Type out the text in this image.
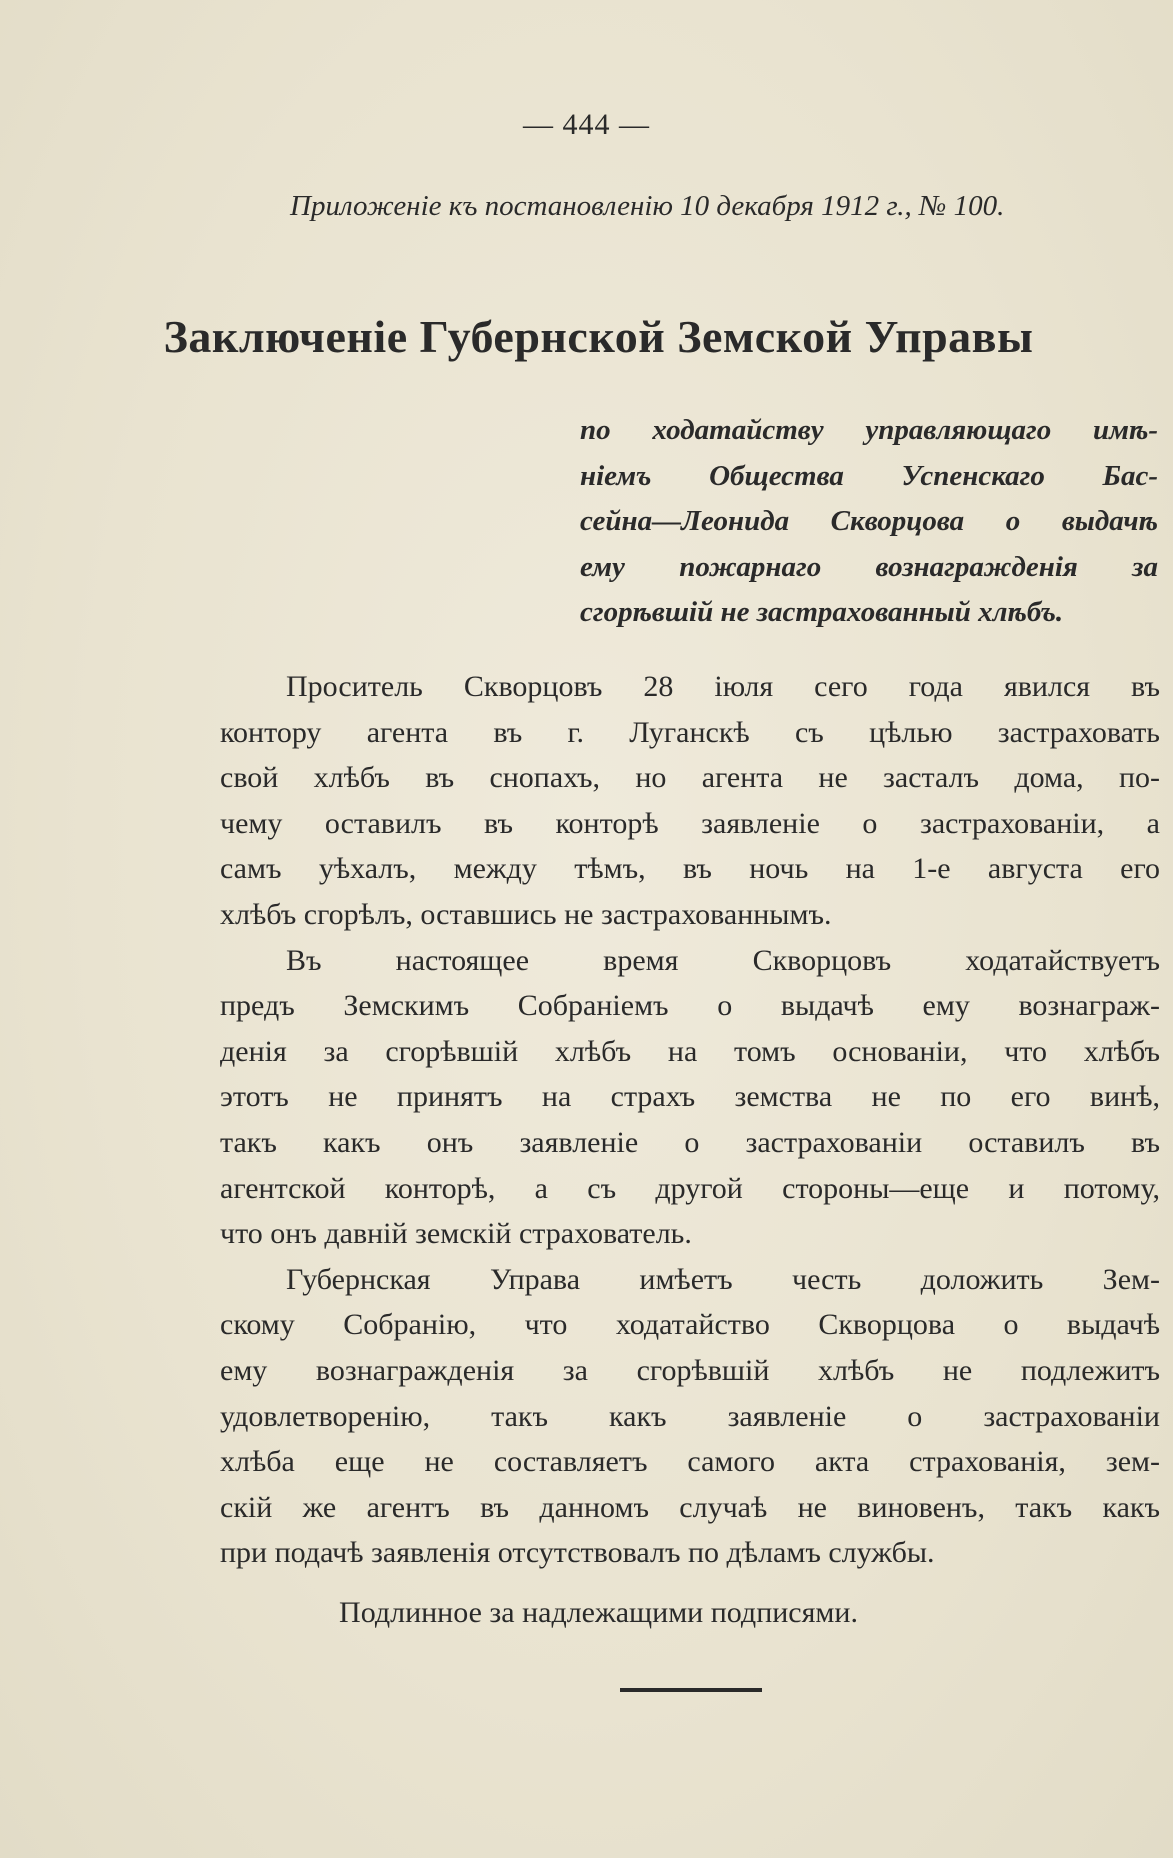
— 444 —
Приложеніе къ постановленію 10 декабря 1912 г., № 100.
Заключеніе Губернской Земской Управы
по ходатайству управляющаго имѣ-
ніемъ Общества Успенскаго Бас-
сейна—Леонида Скворцова о выдачѣ
ему пожарнаго вознагражденія за
сгорѣвшій не застрахованный хлѣбъ.
Проситель Скворцовъ 28 іюля сего года явился въ
контору агента въ г. Луганскѣ съ цѣлью застраховать
свой хлѣбъ въ снопахъ, но агента не засталъ дома, по-
чему оставилъ въ конторѣ заявленіе о застрахованіи, а
самъ уѣхалъ, между тѣмъ, въ ночь на 1-е августа его
хлѣбъ сгорѣлъ, оставшись не застрахованнымъ.
Въ настоящее время Скворцовъ ходатайствуетъ
предъ Земскимъ Собраніемъ о выдачѣ ему вознаграж-
денія за сгорѣвшій хлѣбъ на томъ основаніи, что хлѣбъ
этотъ не принятъ на страхъ земства не по его винѣ,
такъ какъ онъ заявленіе о застрахованіи оставилъ въ
агентской конторѣ, а съ другой стороны—еще и потому,
что онъ давній земскій страхователь.
Губернская Управа имѣетъ честь доложить Зем-
скому Собранію, что ходатайство Скворцова о выдачѣ
ему вознагражденія за сгорѣвшій хлѣбъ не подлежитъ
удовлетворенію, такъ какъ заявленіе о застрахованіи
хлѣба еще не составляетъ самого акта страхованія, зем-
скій же агентъ въ данномъ случаѣ не виновенъ, такъ какъ
при подачѣ заявленія отсутствовалъ по дѣламъ службы.
Подлинное за надлежащими подписями.
